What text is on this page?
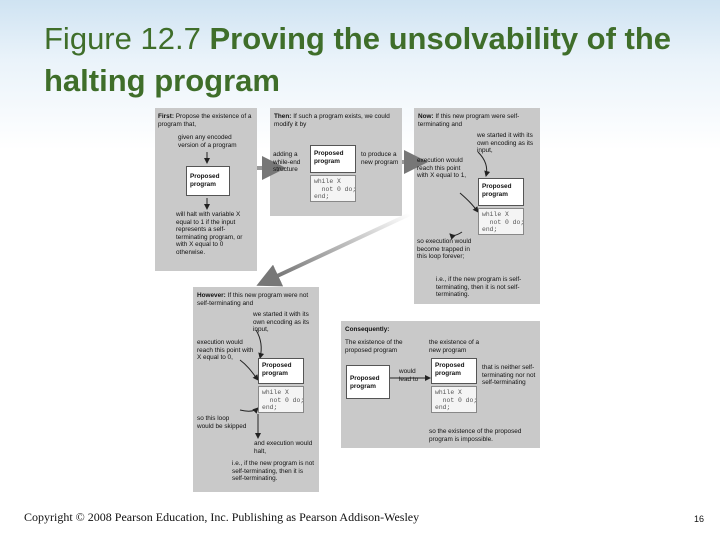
Figure 12.7 Proving the unsolvability of the halting program
First: Propose the existence of a program that,
given any encoded version of a program
Proposed program
will halt with variable X equal to 1 if the input represents a self-terminating program, or with X equal to 0 otherwise.
Then: If such a program exists, we could modify it by
adding a while-end structure
Proposed program
while X
not 0 do;
end;
to produce a new program
Now: If this new program were self-terminating and
we started it with its own encoding as its input,
execution would reach this point with X equal to 1,
Proposed program
while X
not 0 do;
end;
so execution would become trapped in this loop forever;
i.e., if the new program is self-terminating, then it is not self-terminating.
However: If this new program were not self-terminating and
we started it with its own encoding as its input,
execution would reach this point with X equal to 0,
Proposed program
while X
not 0 do;
end;
so this loop would be skipped
and execution would halt,
i.e., if the new program is not self-terminating, then it is self-terminating.
Consequently:
The existence of the proposed program
the existence of a new program
Proposed program
would lead to
Proposed program
while X
not 0 do;
end;
that is neither self-terminating nor not self-terminating
so the existence of the proposed program is impossible.
Copyright © 2008 Pearson Education, Inc. Publishing as Pearson Addison-Wesley	16
